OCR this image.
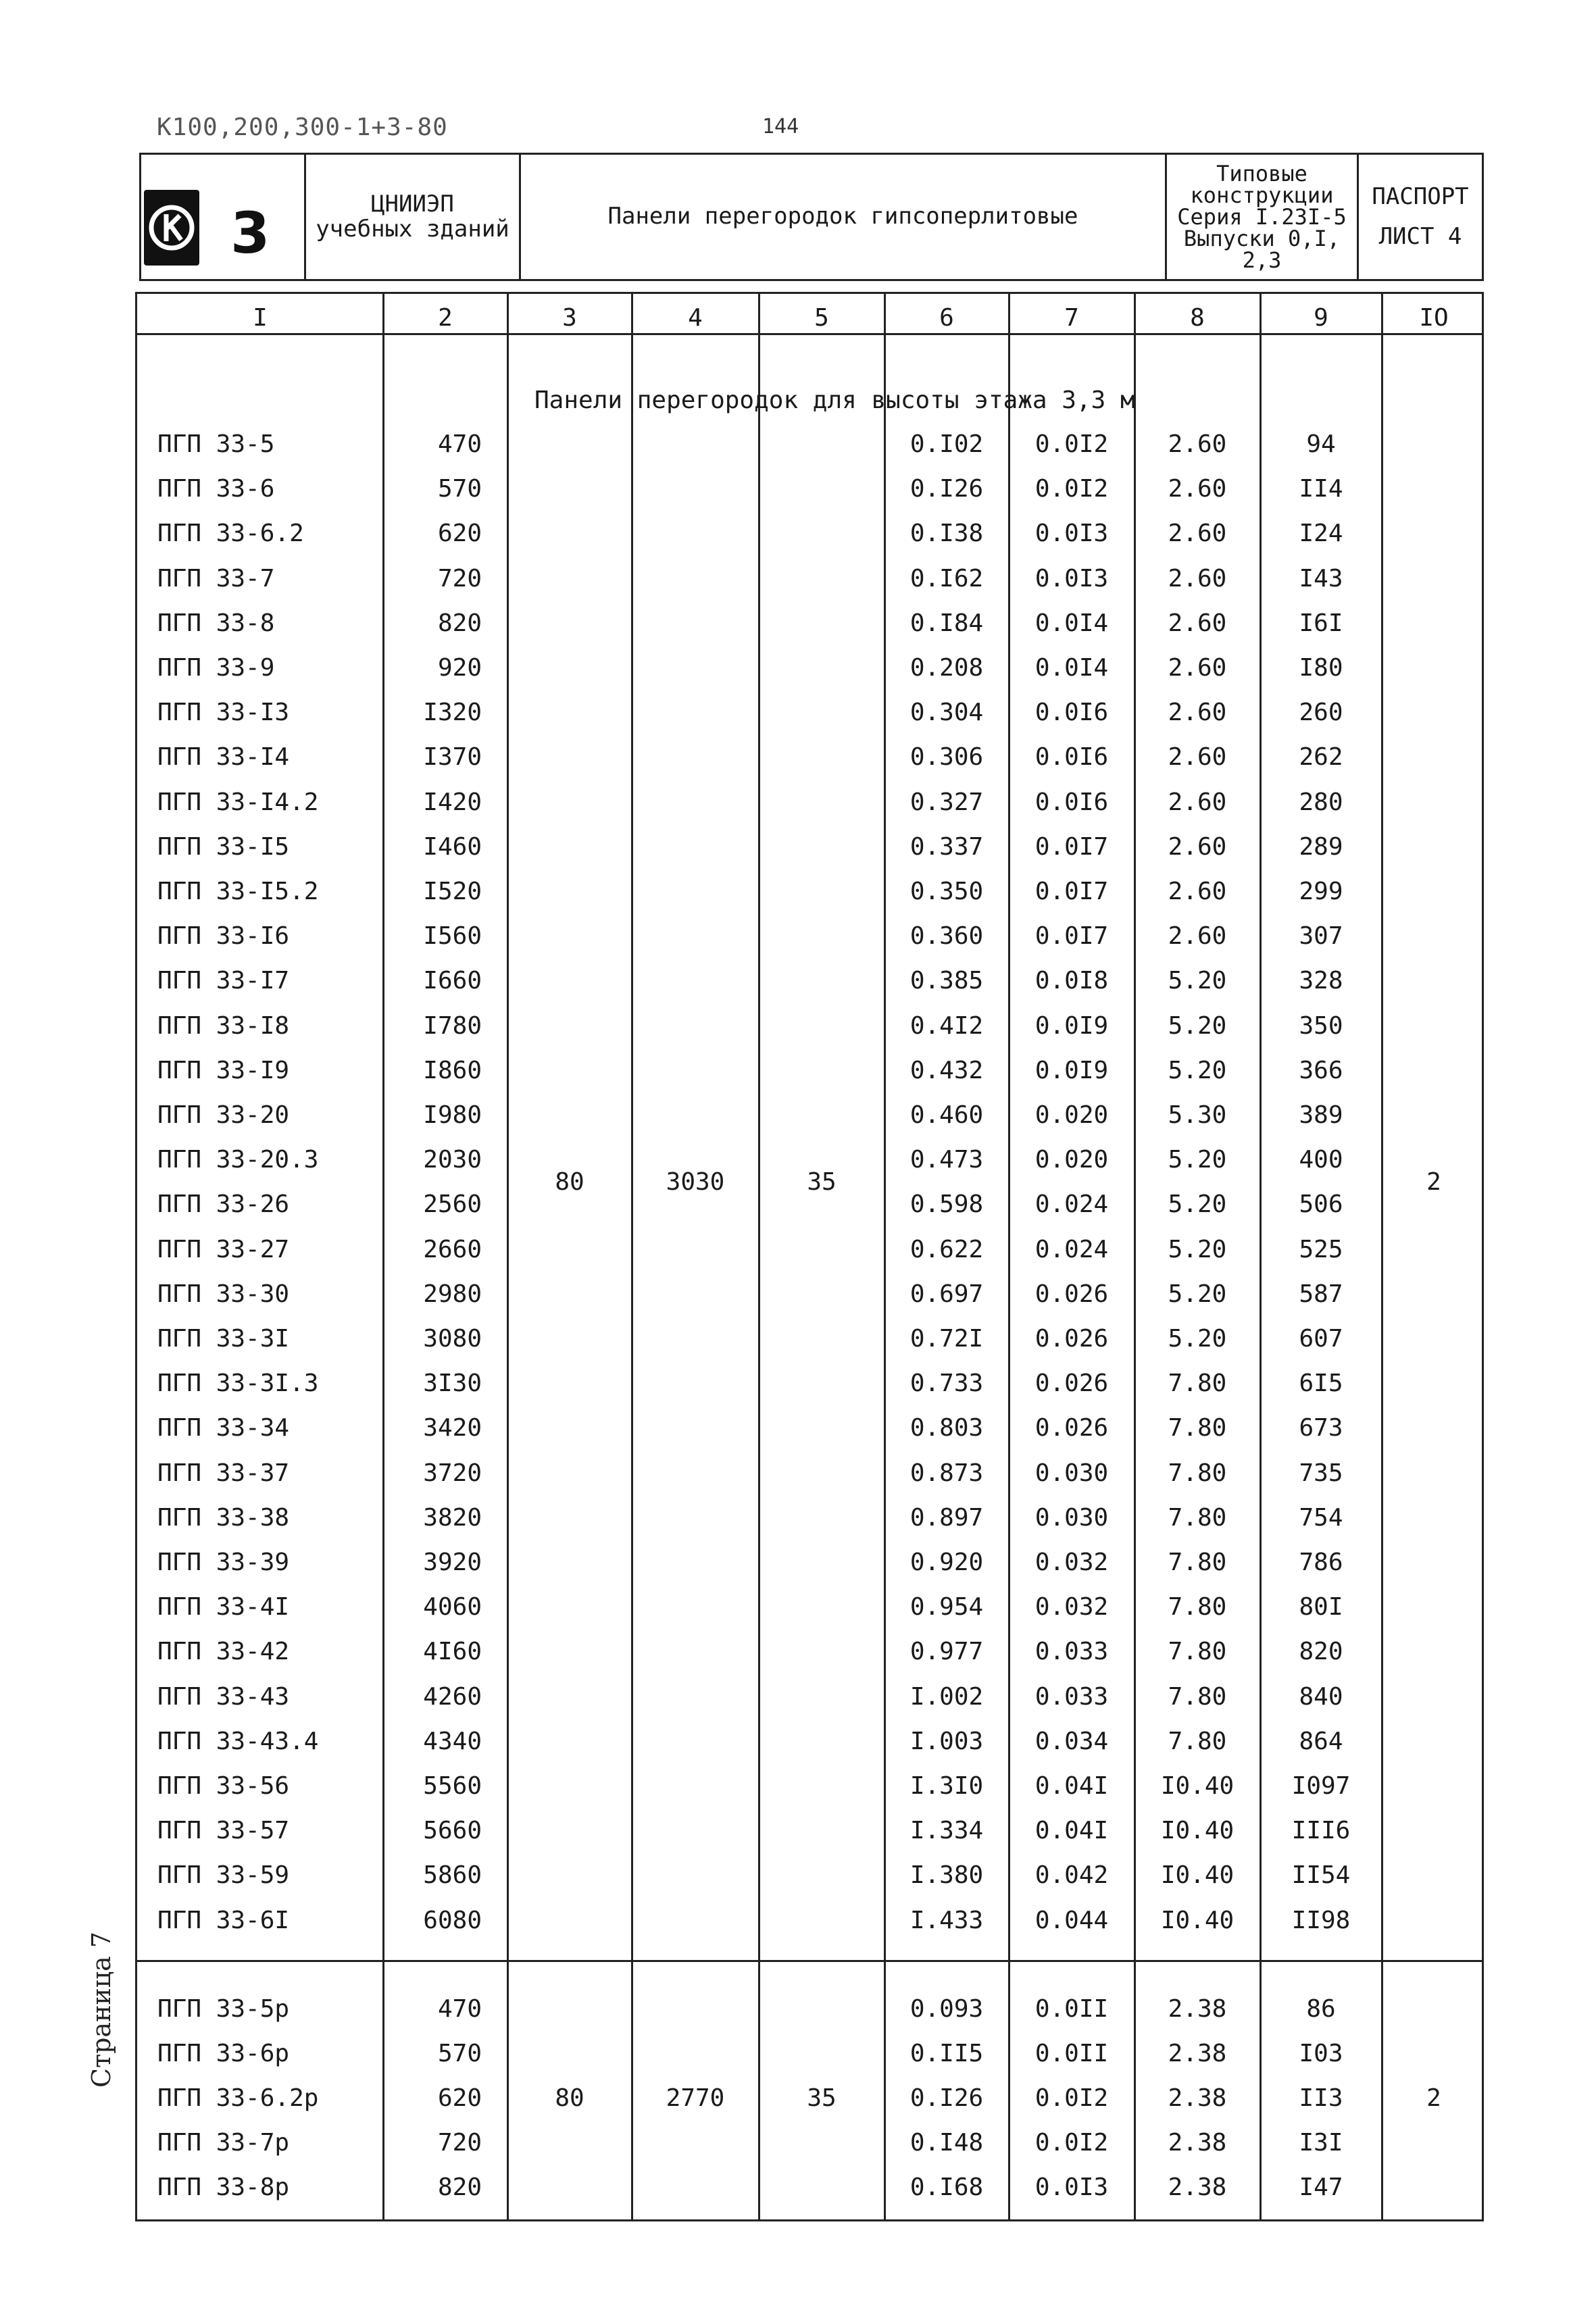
К100,200,300-1+3-80	144
3	ЦНИИЭП
учебных зданий	Панели перегородок гипсоперлитовые
Типовые
конструкции
Серия I.23I-5
Выпуски 0,I,
2,3
ПАСПОРТ
ЛИСТ 4
I	2	3	4	5	6	7	8	9	IO
Панели перегородок для высоты этажа 3,3 м
ПГП 33-5	470	0.I02	0.0I2	2.60	94
ПГП 33-6	570	0.I26	0.0I2	2.60	II4
ПГП 33-6.2	620	0.I38	0.0I3	2.60	I24
ПГП 33-7	720	0.I62	0.0I3	2.60	I43
ПГП 33-8	820	0.I84	0.0I4	2.60	I6I
ПГП 33-9	920	0.208	0.0I4	2.60	I80
ПГП 33-I3	I320	0.304	0.0I6	2.60	260
ПГП 33-I4	I370	0.306	0.0I6	2.60	262
ПГП 33-I4.2	I420	0.327	0.0I6	2.60	280
ПГП 33-I5	I460	0.337	0.0I7	2.60	289
ПГП 33-I5.2	I520	0.350	0.0I7	2.60	299
ПГП 33-I6	I560	0.360	0.0I7	2.60	307
ПГП 33-I7	I660	0.385	0.0I8	5.20	328
ПГП 33-I8	I780	0.4I2	0.0I9	5.20	350
ПГП 33-I9	I860	0.432	0.0I9	5.20	366
ПГП 33-20	I980	0.460	0.020	5.30	389
ПГП 33-20.3	2030	0.473	0.020	5.20	400
ПГП 33-26	2560	0.598	0.024	5.20	506
ПГП 33-27	2660	0.622	0.024	5.20	525
ПГП 33-30	2980	0.697	0.026	5.20	587
ПГП 33-3I	3080	0.72I	0.026	5.20	607
ПГП 33-3I.3	3I30	0.733	0.026	7.80	6I5
ПГП 33-34	3420	0.803	0.026	7.80	673
ПГП 33-37	3720	0.873	0.030	7.80	735
ПГП 33-38	3820	0.897	0.030	7.80	754
ПГП 33-39	3920	0.920	0.032	7.80	786
ПГП 33-4I	4060	0.954	0.032	7.80	80I
ПГП 33-42	4I60	0.977	0.033	7.80	820
ПГП 33-43	4260	I.002	0.033	7.80	840
ПГП 33-43.4	4340	I.003	0.034	7.80	864
ПГП 33-56	5560	I.3I0	0.04I	I0.40	I097
ПГП 33-57	5660	I.334	0.04I	I0.40	III6
ПГП 33-59	5860	I.380	0.042	I0.40	II54
ПГП 33-6I	6080	I.433	0.044	I0.40	II98
80	3030	35	2
ПГП 33-5р	470	0.093	0.0II	2.38	86
ПГП 33-6р	570	0.II5	0.0II	2.38	I03
ПГП 33-6.2р	620	0.I26	0.0I2	2.38	II3
ПГП 33-7р	720	0.I48	0.0I2	2.38	I3I
ПГП 33-8р	820	0.I68	0.0I3	2.38	I47
80	2770	35	2
Страница 7
